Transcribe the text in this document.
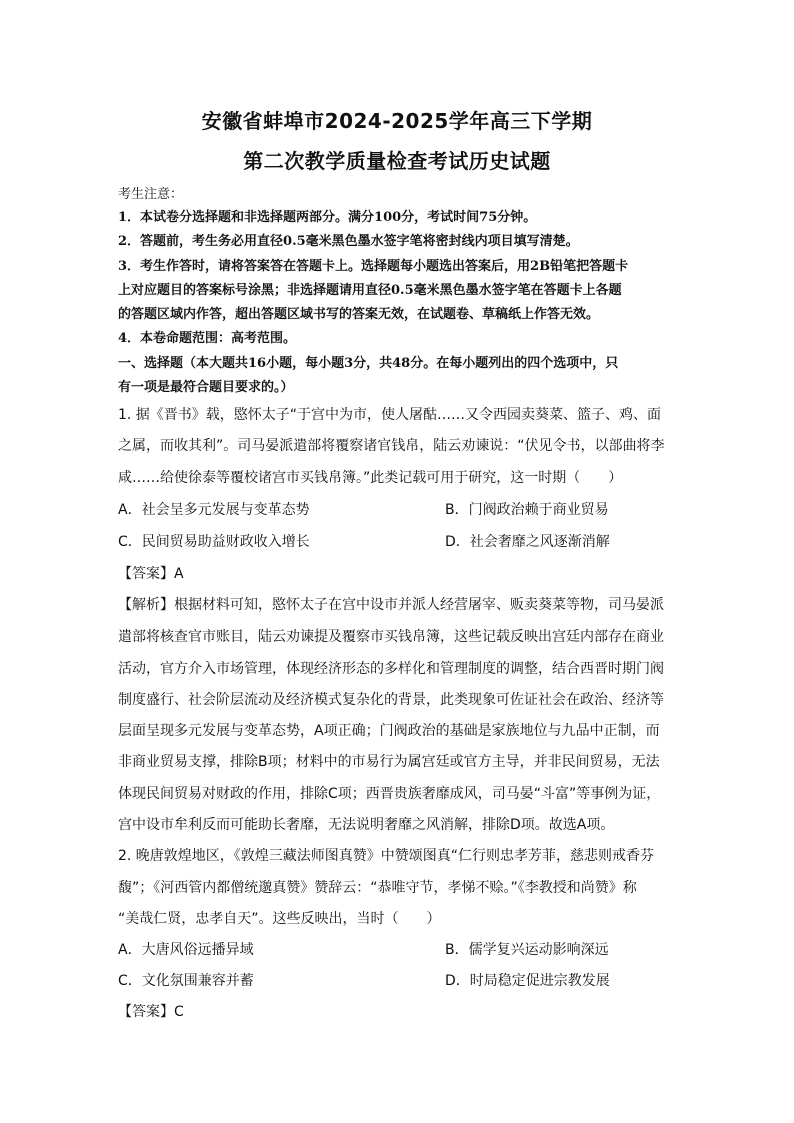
安徽省蚌埠市2024-2025学年高三下学期
第二次教学质量检查考试历史试题
考生注意：
1．本试卷分选择题和非选择题两部分。满分100分，考试时间75分钟。
2．答题前，考生务必用直径0.5毫米黑色墨水签字笔将密封线内项目填写清楚。
3．考生作答时，请将答案答在答题卡上。选择题每小题选出答案后，用2B铅笔把答题卡
上对应题目的答案标号涂黑；非选择题请用直径0.5毫米黑色墨水签字笔在答题卡上各题
的答题区域内作答，超出答题区域书写的答案无效，在试题卷、草稿纸上作答无效。
4．本卷命题范围：高考范围。
一、选择题（本大题共16小题，每小题3分，共48分。在每小题列出的四个选项中，只
有一项是最符合题目要求的。）
1. 据《晋书》载，愍怀太子“于宫中为市，使人屠酤……又令西园卖葵菜、篮子、鸡、面
之属，而收其利”。司马晏派遣部将覆察诸官钱帛，陆云劝谏说：“伏见令书，以部曲将李
咸……给使徐泰等覆校诸宫市买钱帛簿。”此类记载可用于研究，这一时期（　　）
A．社会呈多元发展与变革态势	B．门阀政治赖于商业贸易
C．民间贸易助益财政收入增长	D．社会奢靡之风逐渐消解
【答案】A
【解析】根据材料可知，愍怀太子在宫中设市并派人经营屠宰、贩卖葵菜等物，司马晏派
遣部将核查官市账目，陆云劝谏提及覆察市买钱帛簿，这些记载反映出宫廷内部存在商业
活动，官方介入市场管理，体现经济形态的多样化和管理制度的调整，结合西晋时期门阀
制度盛行、社会阶层流动及经济模式复杂化的背景，此类现象可佐证社会在政治、经济等
层面呈现多元发展与变革态势，A项正确；门阀政治的基础是家族地位与九品中正制，而
非商业贸易支撑，排除B项；材料中的市易行为属宫廷或官方主导，并非民间贸易，无法
体现民间贸易对财政的作用，排除C项；西晋贵族奢靡成风，司马晏“斗富”等事例为证，
宫中设市牟利反而可能助长奢靡，无法说明奢靡之风消解，排除D项。故选A项。
2. 晚唐敦煌地区，《敦煌三藏法师图真赞》中赞颂图真“仁行则忠孝芳菲，慈悲则戒香芬
馥”；《河西管内都僧统邈真赞》赞辞云：“恭唯守节，孝悌不赊。”《李教授和尚赞》称
“美哉仁贤，忠孝自天”。这些反映出，当时（　　）
A．大唐风俗远播异域	B．儒学复兴运动影响深远
C．文化氛围兼容并蓄	D．时局稳定促进宗教发展
【答案】C
